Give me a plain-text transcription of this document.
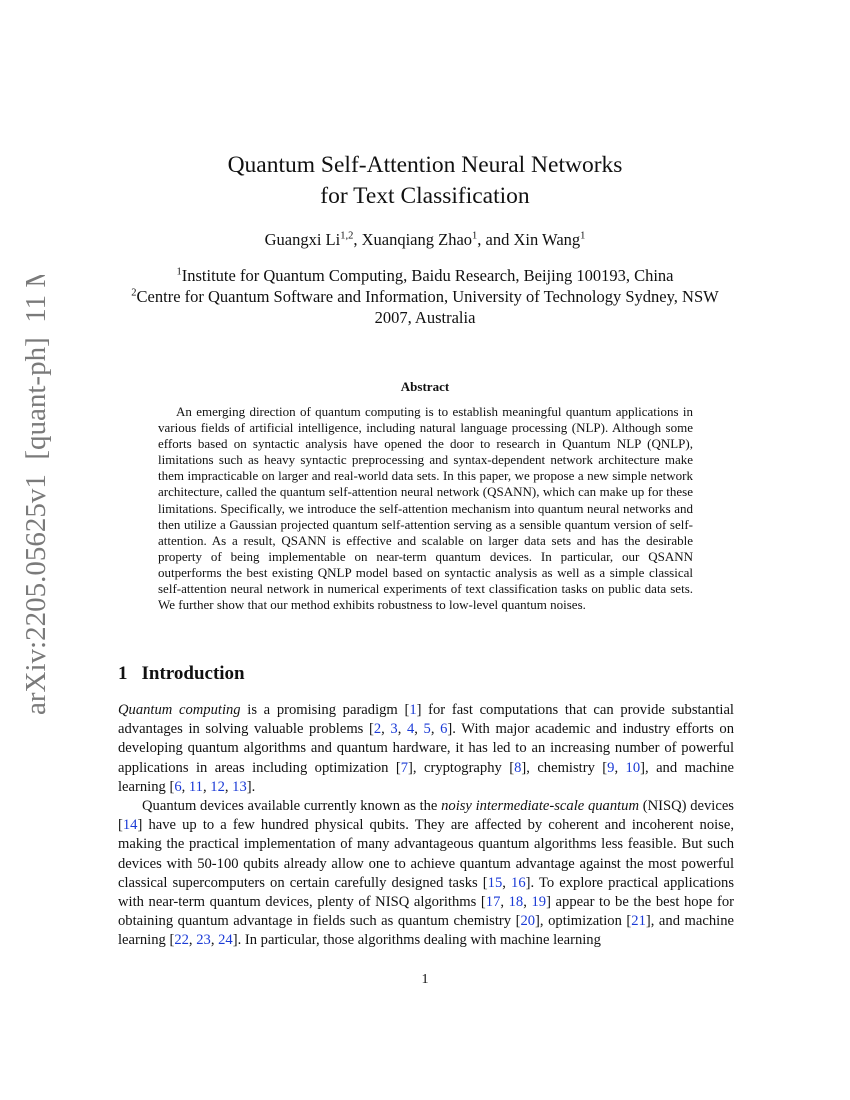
arXiv:2205.05625v1  [quant-ph]  11 May 2022
Quantum Self-Attention Neural Networks
for Text Classification
Guangxi Li$^{1,2}$, Xuanqiang Zhao$^1$, and Xin Wang$^1$
$^1$Institute for Quantum Computing, Baidu Research, Beijing 100193, China
$^2$Centre for Quantum Software and Information, University of Technology Sydney, NSW
2007, Australia
Abstract
An emerging direction of quantum computing is to establish meaningful quantum applications in various fields of artificial intelligence, including natural language processing (NLP). Although some efforts based on syntactic analysis have opened the door to research in Quantum NLP (QNLP), limitations such as heavy syntactic preprocessing and syntax-dependent network architecture make them impracticable on larger and real-world data sets. In this paper, we propose a new simple network architecture, called the quantum self-attention neural network (QSANN), which can make up for these limitations. Specifically, we introduce the self-attention mechanism into quantum neural networks and then utilize a Gaussian projected quantum self-attention serving as a sensible quantum version of self-attention. As a result, QSANN is effective and scalable on larger data sets and has the desirable property of being implementable on near-term quantum devices. In particular, our QSANN outperforms the best existing QNLP model based on syntactic analysis as well as a simple classical self-attention neural network in numerical experiments of text classification tasks on public data sets. We further show that our method exhibits robustness to low-level quantum noises.
1 Introduction

Quantum computing is a promising paradigm [1] for fast computations that can provide substantial advantages in solving valuable problems [2, 3, 4, 5, 6]. With major academic and industry efforts on developing quantum algorithms and quantum hardware, it has led to an increasing number of powerful applications in areas including optimization [7], cryptography [8], chemistry [9, 10], and machine learning [6, 11, 12, 13].

Quantum devices available currently known as the noisy intermediate-scale quantum (NISQ) devices [14] have up to a few hundred physical qubits. They are affected by coherent and incoherent noise, making the practical implementation of many advantageous quantum algorithms less feasible. But such devices with 50-100 qubits already allow one to achieve quantum advantage against the most powerful classical supercomputers on certain carefully designed tasks [15, 16]. To explore practical applications with near-term quantum devices, plenty of NISQ algorithms [17, 18, 19] appear to be the best hope for obtaining quantum advantage in fields such as quantum chemistry [20], optimization [21], and machine learning [22, 23, 24]. In particular, those algorithms dealing with machine learning

1
